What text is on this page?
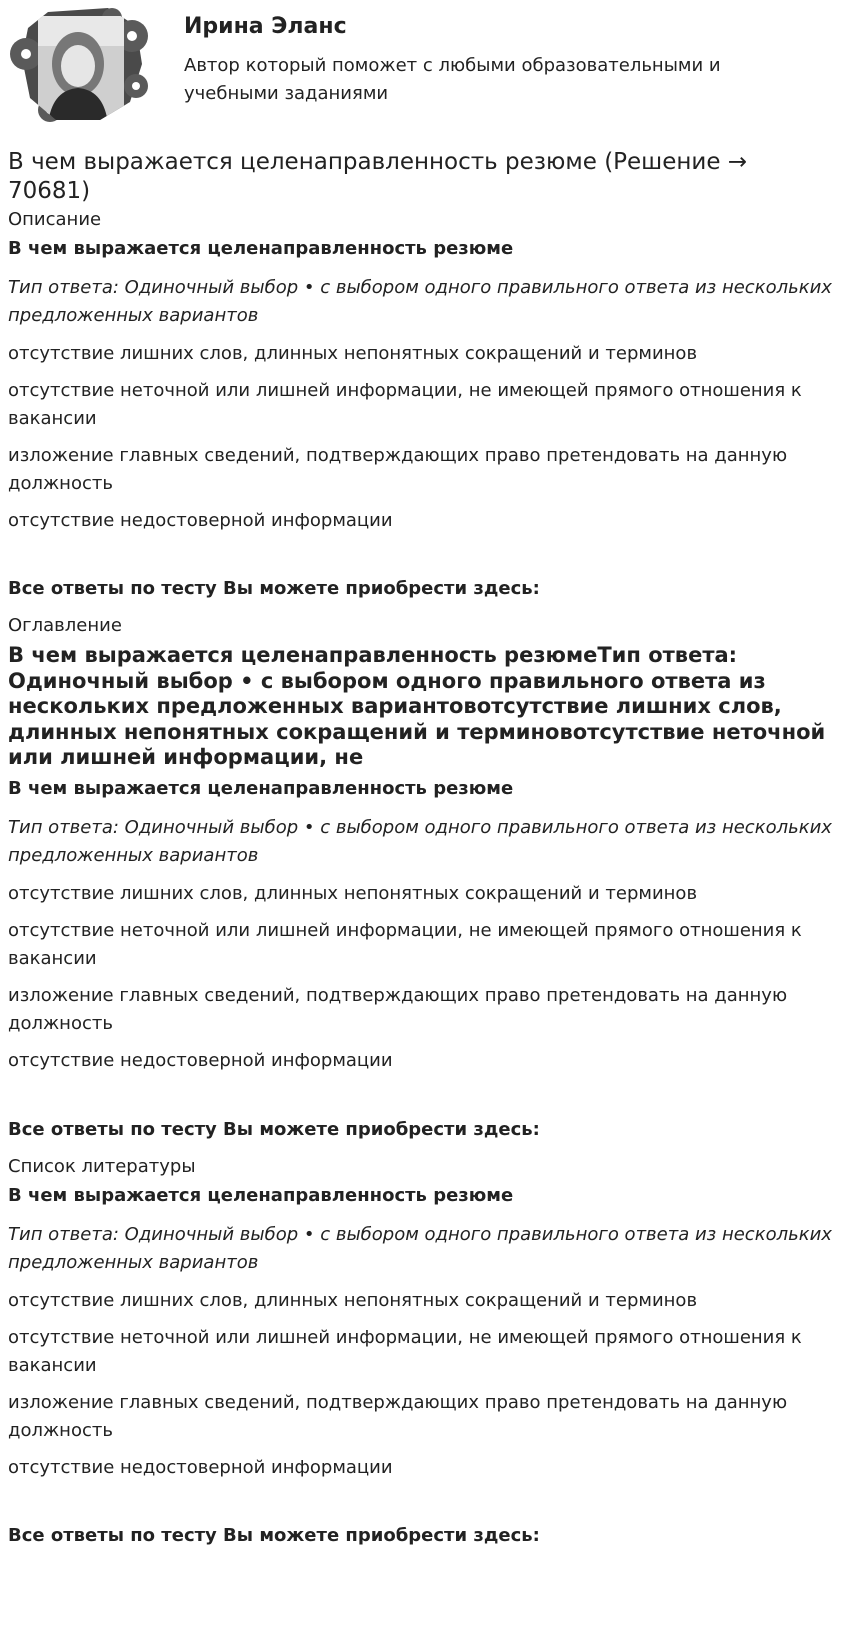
Ирина Эланс

Автор который поможет с любыми образовательными и учебными заданиями

В чем выражается целенаправленность резюме (Решение → 70681)

Описание

В чем выражается целенаправленность резюме

Тип ответа: Одиночный выбор • с выбором одного правильного ответа из нескольких предложенных вариантов

отсутствие лишних слов, длинных непонятных сокращений и терминов

отсутствие неточной или лишней информации, не имеющей прямого отношения к вакансии

изложение главных сведений, подтверждающих право претендовать на данную должность

отсутствие недостоверной информации

Все ответы по тесту Вы можете приобрести здесь:

Оглавление

В чем выражается целенаправленность резюмеТип ответа: Одиночный выбор • с выбором одного правильного ответа из нескольких предложенных вариантовотсутствие лишних слов, длинных непонятных сокращений и терминовотсутствие неточной или лишней информации, не

В чем выражается целенаправленность резюме

Тип ответа: Одиночный выбор • с выбором одного правильного ответа из нескольких предложенных вариантов

отсутствие лишних слов, длинных непонятных сокращений и терминов

отсутствие неточной или лишней информации, не имеющей прямого отношения к вакансии

изложение главных сведений, подтверждающих право претендовать на данную должность

отсутствие недостоверной информации

Все ответы по тесту Вы можете приобрести здесь:

Список литературы

В чем выражается целенаправленность резюме

Тип ответа: Одиночный выбор • с выбором одного правильного ответа из нескольких предложенных вариантов

отсутствие лишних слов, длинных непонятных сокращений и терминов

отсутствие неточной или лишней информации, не имеющей прямого отношения к вакансии

изложение главных сведений, подтверждающих право претендовать на данную должность

отсутствие недостоверной информации

Все ответы по тесту Вы можете приобрести здесь:
